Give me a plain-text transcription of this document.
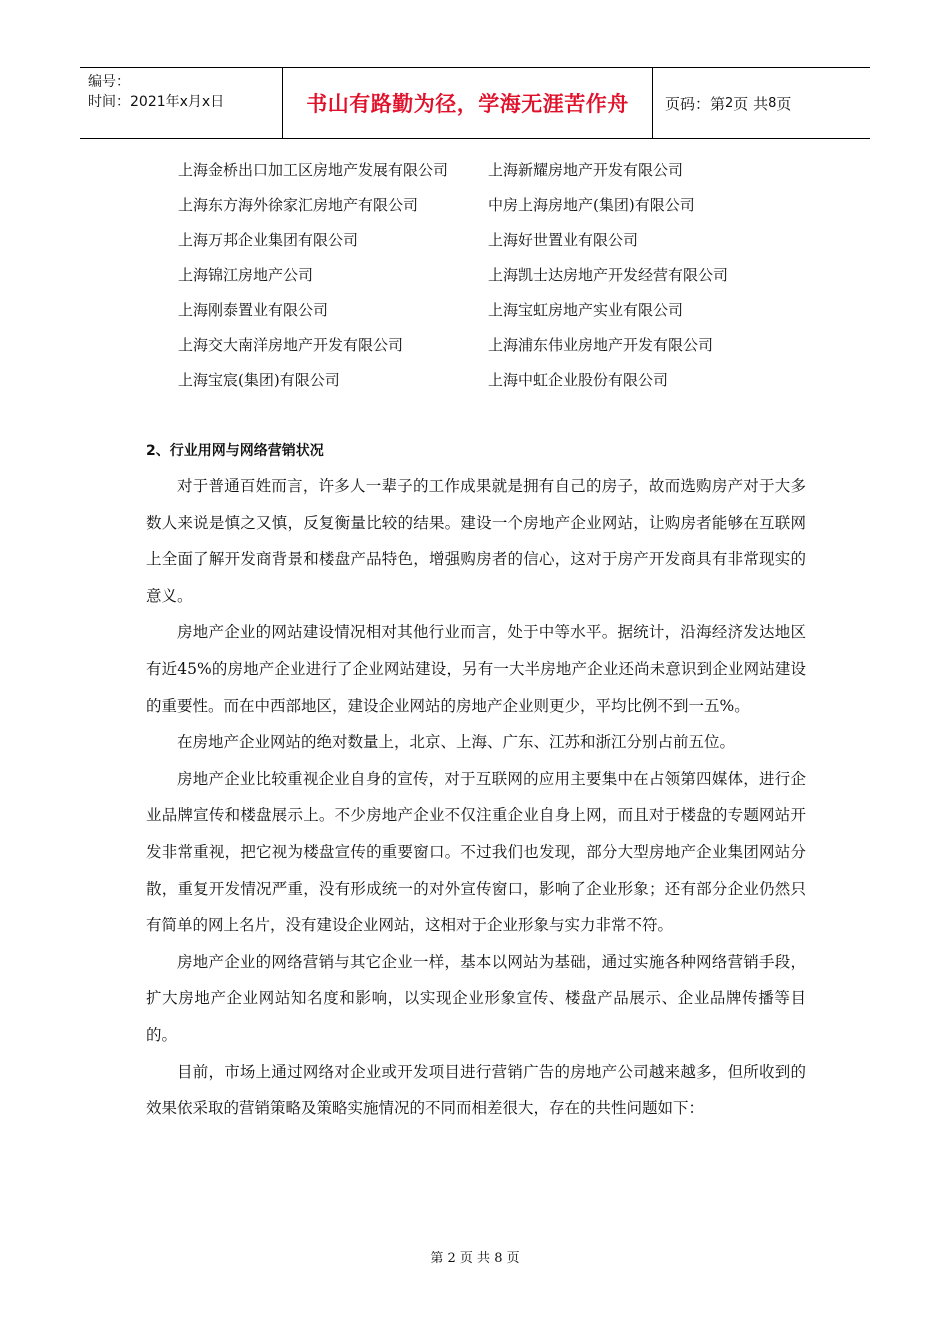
编号：
时间：2021年x月x日	书山有路勤为径，学海无涯苦作舟 页码：第 2 页 共 8 页
上海金桥出口加工区房地产发展有限公司	上海新耀房地产开发有限公司
上海东方海外徐家汇房地产有限公司	中房上海房地产(集团)有限公司
上海万邦企业集团有限公司	上海好世置业有限公司
上海锦江房地产公司	上海凯士达房地产开发经营有限公司
上海刚泰置业有限公司	上海宝虹房地产实业有限公司
上海交大南洋房地产开发有限公司	上海浦东伟业房地产开发有限公司
上海宝宸(集团)有限公司	上海中虹企业股份有限公司
2、行业用网与网络营销状况

对于普通百姓而言，许多人一辈子的工作成果就是拥有自己的房子，故而选购房产对于大多数人来说是慎之又慎，反复衡量比较的结果。建设一个房地产企业网站，让购房者能够在互联网上全面了解开发商背景和楼盘产品特色，增强购房者的信心，这对于房产开发商具有非常现实的意义。

房地产企业的网站建设情况相对其他行业而言，处于中等水平。据统计，沿海经济发达地区有近45%的房地产企业进行了企业网站建设，另有一大半房地产企业还尚未意识到企业网站建设的重要性。而在中西部地区，建设企业网站的房地产企业则更少，平均比例不到一五%。

在房地产企业网站的绝对数量上，北京、上海、广东、江苏和浙江分别占前五位。

房地产企业比较重视企业自身的宣传，对于互联网的应用主要集中在占领第四媒体，进行企业品牌宣传和楼盘展示上。不少房地产企业不仅注重企业自身上网，而且对于楼盘的专题网站开发非常重视，把它视为楼盘宣传的重要窗口。不过我们也发现，部分大型房地产企业集团网站分散，重复开发情况严重，没有形成统一的对外宣传窗口，影响了企业形象；还有部分企业仍然只有简单的网上名片，没有建设企业网站，这相对于企业形象与实力非常不符。

房地产企业的网络营销与其它企业一样，基本以网站为基础，通过实施各种网络营销手段，扩大房地产企业网站知名度和影响，以实现企业形象宣传、楼盘产品展示、企业品牌传播等目的。

目前，市场上通过网络对企业或开发项目进行营销广告的房地产公司越来越多，但所收到的效果依采取的营销策略及策略实施情况的不同而相差很大，存在的共性问题如下：

第 2 页 共 8 页
